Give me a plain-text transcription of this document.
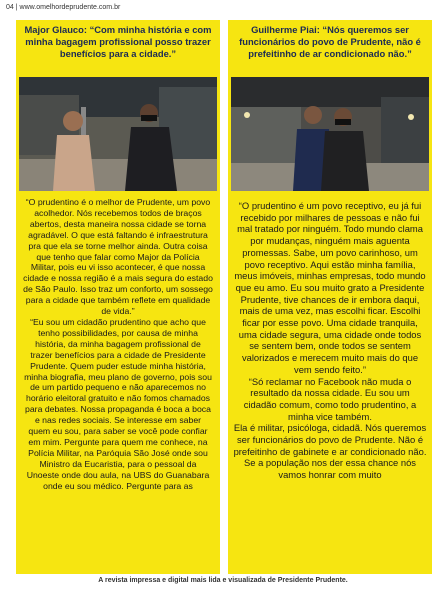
04 | www.omelhordeprudente.com.br
Major Glauco: “Com minha história e com minha bagagem profissional posso trazer benefícios para a cidade.”

“O prudentino é o melhor de Prudente, um povo acolhedor. Nós recebemos todos de braços abertos, desta maneira nossa cidade se torna agradável. O que está faltando é infraestrutura pra que ela se torne melhor ainda. Outra coisa que tenho que falar como Major da Polícia Militar, pois eu vi isso acontecer, é que nossa cidade e nossa região é a mais segura do estado de São Paulo. Isso traz um conforto, um sossego para a cidade que também reflete em qualidade de vida.”
“Eu sou um cidadão prudentino que acho que tenho possibilidades, por causa de minha história, da minha bagagem profissional de trazer benefícios para a cidade de Presidente Prudente. Quem puder estude minha história, minha biografia, meu plano de governo, pois sou de um partido pequeno e não aparecemos no horário eleitoral gratuito e não fomos chamados para debates. Nossa propaganda é boca a boca e nas redes sociais. Se interesse em saber quem eu sou, para saber se você pode confiar em mim. Pergunte para quem me conhece, na Polícia Militar, na Paróquia São José onde sou Ministro da Eucaristia, para o pessoal da Unoeste onde dou aula, na UBS do Guanabara onde eu sou médico. Pergunte para as

Guilherme Piai: “Nós queremos ser funcionários do povo de Prudente, não é prefeitinho de ar condicionado não.”

“O prudentino é um povo receptivo, eu já fui recebido por milhares de pessoas e não fui mal tratado por ninguém. Todo mundo clama por mudanças, ninguém mais aguenta promessas. Sabe, um povo carinhoso, um povo receptivo. Aqui estão minha família, meus imóveis, minhas empresas, todo mundo que eu amo. Eu sou muito grato a Presidente Prudente, tive chances de ir embora daqui, mais de uma vez, mas escolhi ficar. Escolhi ficar por esse povo. Uma cidade tranquila, uma cidade segura, uma cidade onde todos se sentem bem, onde todos se sentem valorizados e merecem muito mais do que vem sendo feito.”
“Só reclamar no Facebook não muda o resultado da nossa cidade. Eu sou um cidadão comum, como todo prudentino, a minha vice também.
Ela é militar, psicóloga, cidadã. Nós queremos ser funcionários do povo de Prudente. Não é prefeitinho de gabinete e ar condicionado não. Se a população nos der essa chance nós vamos honrar com muito

A revista impressa e digital mais lida e visualizada de Presidente Prudente.
